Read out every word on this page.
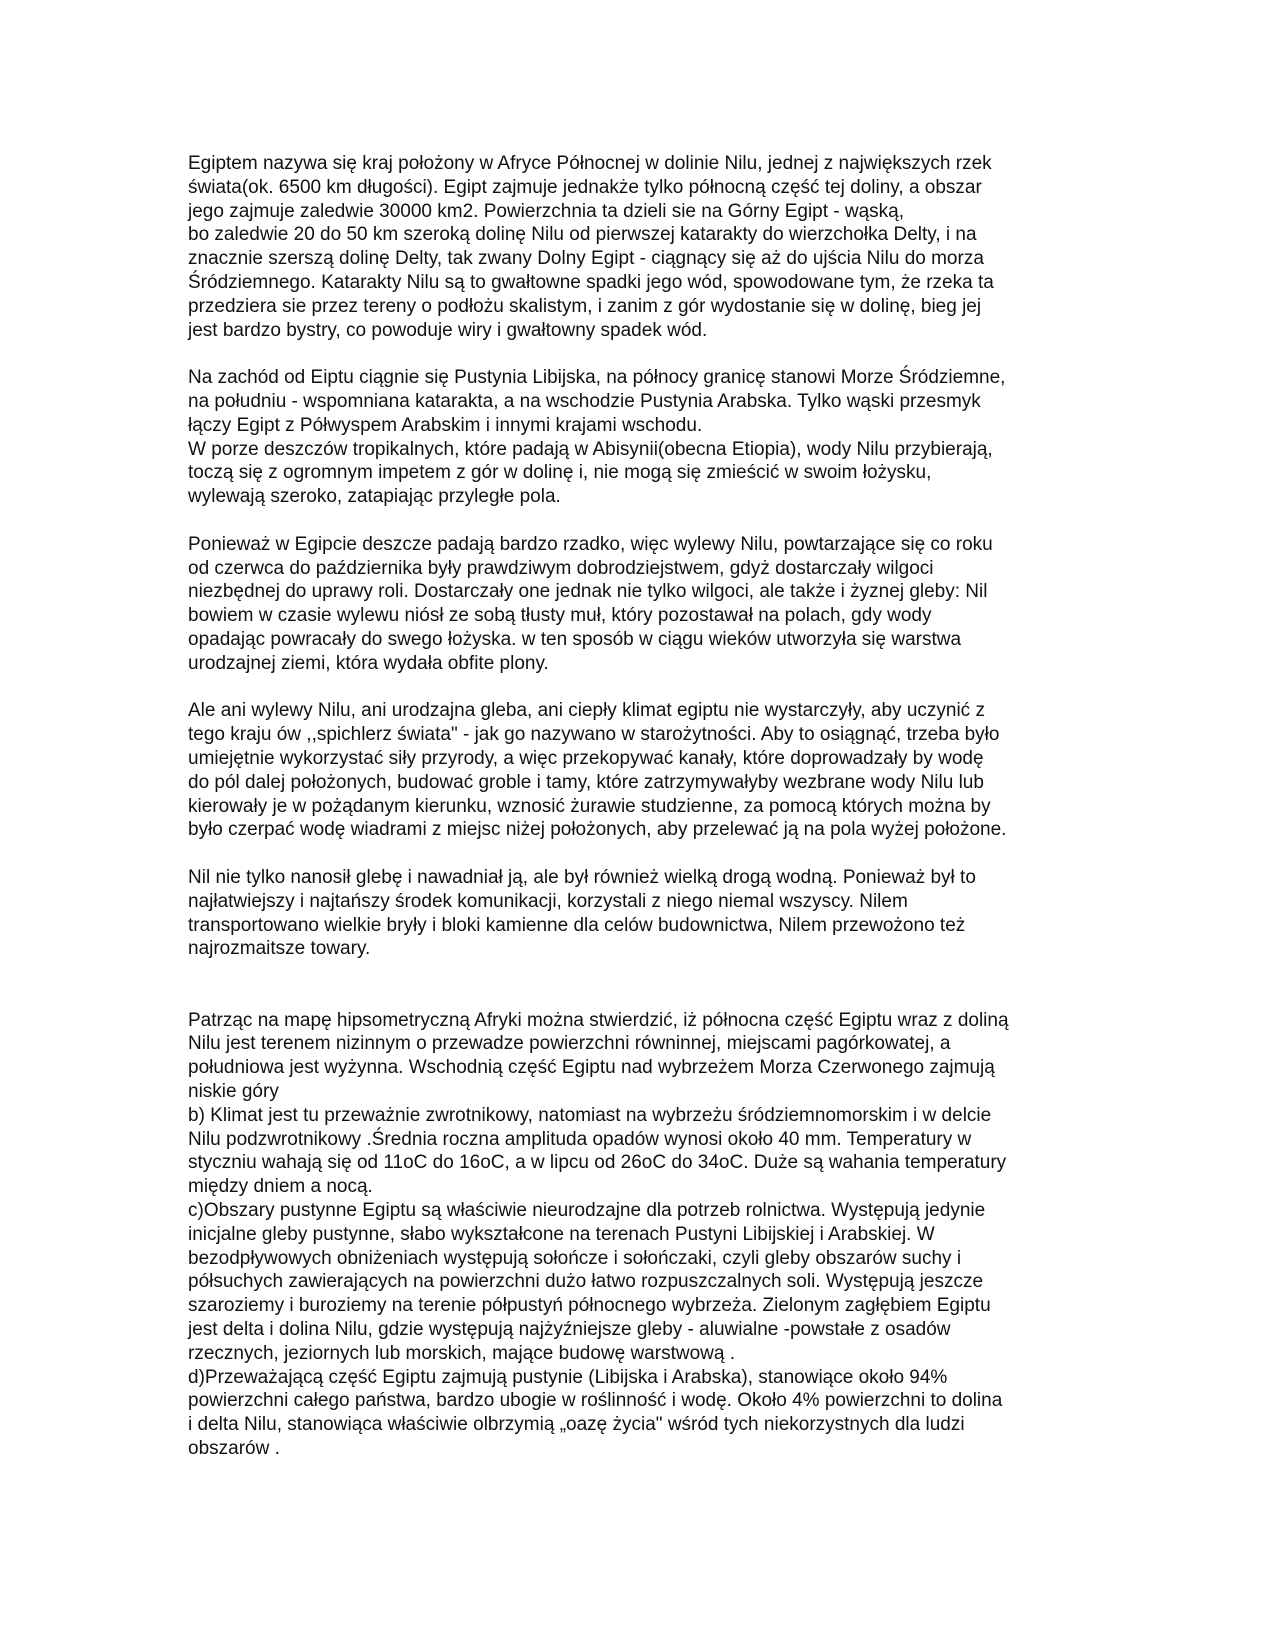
Egiptem nazywa się kraj położony w Afryce Północnej w dolinie Nilu, jednej z największych rzek
świata(ok. 6500 km długości). Egipt zajmuje jednakże tylko północną część tej doliny, a obszar
jego zajmuje zaledwie 30000 km2. Powierzchnia ta dzieli sie na Górny Egipt - wąską,
bo zaledwie 20 do 50 km szeroką dolinę Nilu od pierwszej katarakty do wierzchołka Delty, i na
znacznie szerszą dolinę Delty, tak zwany Dolny Egipt - ciągnący się aż do ujścia Nilu do morza
Śródziemnego. Katarakty Nilu są to gwałtowne spadki jego wód, spowodowane tym, że rzeka ta
przedziera sie przez tereny o podłożu skalistym, i zanim z gór wydostanie się w dolinę, bieg jej
jest bardzo bystry, co powoduje wiry i gwałtowny spadek wód.
Na zachód od Eiptu ciągnie się Pustynia Libijska, na północy granicę stanowi Morze Śródziemne,
na południu - wspomniana katarakta, a na wschodzie Pustynia Arabska. Tylko wąski przesmyk
łączy Egipt z Półwyspem Arabskim i innymi krajami wschodu.
W porze deszczów tropikalnych, które padają w Abisynii(obecna Etiopia), wody Nilu przybierają,
toczą się z ogromnym impetem z gór w dolinę i, nie mogą się zmieścić w swoim łożysku,
wylewają szeroko, zatapiając przyległe pola.
Ponieważ w Egipcie deszcze padają bardzo rzadko, więc wylewy Nilu, powtarzające się co roku
od czerwca do października były prawdziwym dobrodziejstwem, gdyż dostarczały wilgoci
niezbędnej do uprawy roli. Dostarczały one jednak nie tylko wilgoci, ale także i żyznej gleby: Nil
bowiem w czasie wylewu niósł ze sobą tłusty muł, który pozostawał na polach, gdy wody
opadając powracały do swego łożyska. w ten sposób w ciągu wieków utworzyła się warstwa
urodzajnej ziemi, która wydała obfite plony.
Ale ani wylewy Nilu, ani urodzajna gleba, ani ciepły klimat egiptu nie wystarczyły, aby uczynić z
tego kraju ów ,,spichlerz świata" - jak go nazywano w starożytności. Aby to osiągnąć, trzeba było
umiejętnie wykorzystać siły przyrody, a więc przekopywać kanały, które doprowadzały by wodę
do pól dalej położonych, budować groble i tamy, które zatrzymywałyby wezbrane wody Nilu lub
kierowały je w pożądanym kierunku, wznosić żurawie studzienne, za pomocą których można by
było czerpać wodę wiadrami z miejsc niżej położonych, aby przelewać ją na pola wyżej położone.
Nil nie tylko nanosił glebę i nawadniał ją, ale był również wielką drogą wodną. Ponieważ był to
najłatwiejszy i najtańszy środek komunikacji, korzystali z niego niemal wszyscy. Nilem
transportowano wielkie bryły i bloki kamienne dla celów budownictwa, Nilem przewożono też
najrozmaitsze towary.
Patrząc na mapę hipsometryczną Afryki można stwierdzić, iż północna część Egiptu wraz z doliną
Nilu jest terenem nizinnym o przewadze powierzchni równinnej, miejscami pagórkowatej, a
południowa jest wyżynna. Wschodnią część Egiptu nad wybrzeżem Morza Czerwonego zajmują
niskie góry
b) Klimat jest tu przeważnie zwrotnikowy, natomiast na wybrzeżu śródziemnomorskim i w delcie
Nilu podzwrotnikowy .Średnia roczna amplituda opadów wynosi około 40 mm. Temperatury w
styczniu wahają się od 11oC do 16oC, a w lipcu od 26oC do 34oC. Duże są wahania temperatury
między dniem a nocą.
c)Obszary pustynne Egiptu są właściwie nieurodzajne dla potrzeb rolnictwa. Występują jedynie
inicjalne gleby pustynne, słabo wykształcone na terenach Pustyni Libijskiej i Arabskiej. W
bezodpływowych obniżeniach występują sołończe i sołończaki, czyli gleby obszarów suchy i
półsuchych zawierających na powierzchni dużo łatwo rozpuszczalnych soli. Występują jeszcze
szaroziemy i buroziemy na terenie półpustyń północnego wybrzeża. Zielonym zagłębiem Egiptu
jest delta i dolina Nilu, gdzie występują najżyźniejsze gleby - aluwialne -powstałe z osadów
rzecznych, jeziornych lub morskich, mające budowę warstwową .
d)Przeważającą część Egiptu zajmują pustynie (Libijska i Arabska), stanowiące około 94%
powierzchni całego państwa, bardzo ubogie w roślinność i wodę. Około 4% powierzchni to dolina
i delta Nilu, stanowiąca właściwie olbrzymią „oazę życia" wśród tych niekorzystnych dla ludzi
obszarów .
